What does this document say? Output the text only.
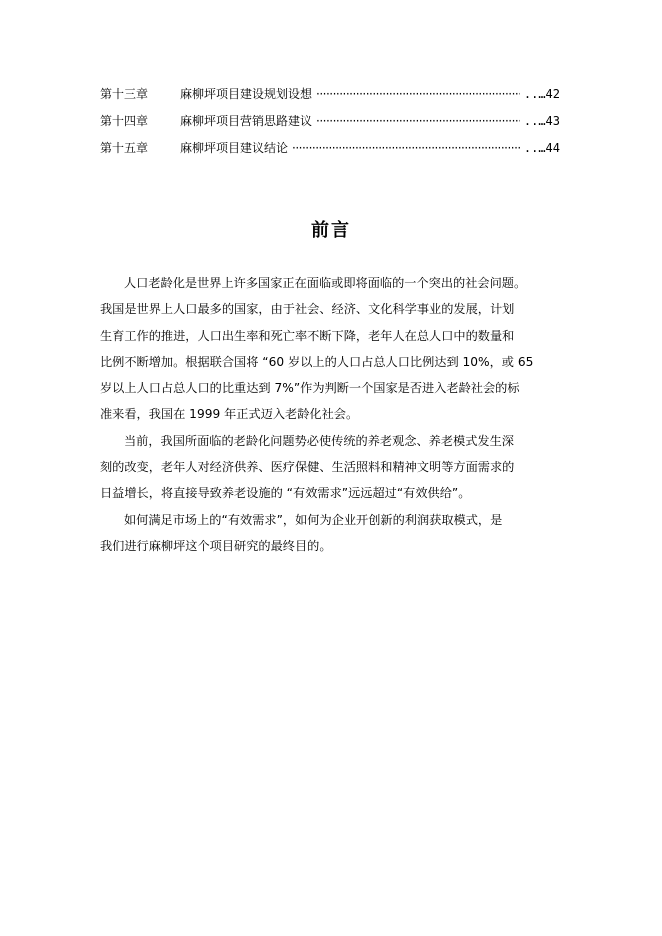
第十三章	麻柳坪项目建设规划设想 ·····	..…42
第十四章	麻柳坪项目营销思路建议 ·····	..…43
第十五章	麻柳坪项目建议结论 ·····	..…44
前言
人口老龄化是世界上许多国家正在面临或即将面临的一个突出的社会问题。
我国是世界上人口最多的国家，由于社会、经济、文化科学事业的发展，计划
生育工作的推进，人口出生率和死亡率不断下降，老年人在总人口中的数量和
比例不断增加。根据联合国将 “60 岁以上的人口占总人口比例达到 10%，或 65
岁以上人口占总人口的比重达到 7%”作为判断一个国家是否进入老龄社会的标
准来看，我国在 1999 年正式迈入老龄化社会。
当前，我国所面临的老龄化问题势必使传统的养老观念、养老模式发生深
刻的改变，老年人对经济供养、医疗保健、生活照料和精神文明等方面需求的
日益增长，将直接导致养老设施的 “有效需求”远远超过“有效供给”。
如何满足市场上的“有效需求”，如何为企业开创新的利润获取模式，是
我们进行麻柳坪这个项目研究的最终目的。
